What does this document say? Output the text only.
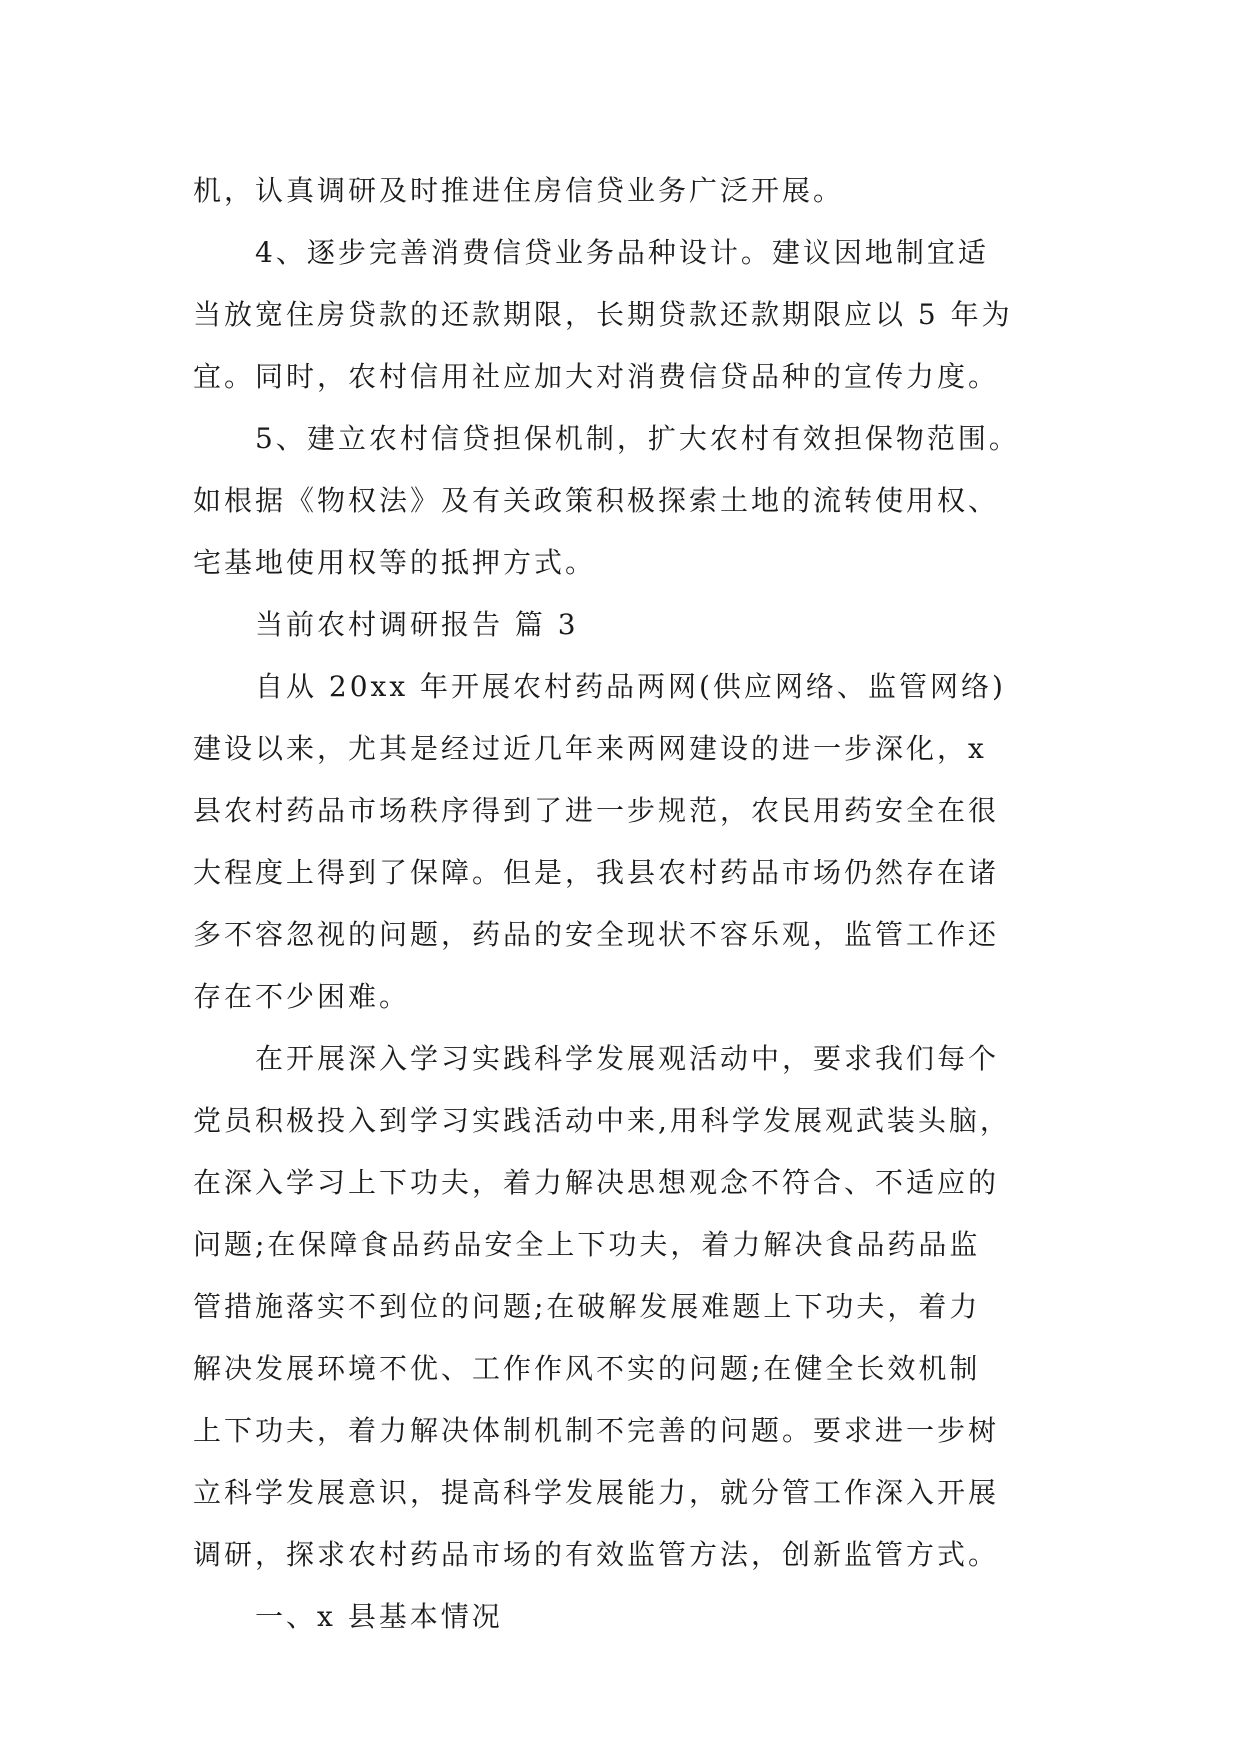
机，认真调研及时推进住房信贷业务广泛开展。
4、逐步完善消费信贷业务品种设计。建议因地制宜适
当放宽住房贷款的还款期限，长期贷款还款期限应以 5 年为
宜。同时，农村信用社应加大对消费信贷品种的宣传力度。
5、建立农村信贷担保机制，扩大农村有效担保物范围。
如根据《物权法》及有关政策积极探索土地的流转使用权、
宅基地使用权等的抵押方式。
当前农村调研报告 篇 3
自从 20xx 年开展农村药品两网(供应网络、监管网络)
建设以来，尤其是经过近几年来两网建设的进一步深化，x
县农村药品市场秩序得到了进一步规范，农民用药安全在很
大程度上得到了保障。但是，我县农村药品市场仍然存在诸
多不容忽视的问题，药品的安全现状不容乐观，监管工作还
存在不少困难。
在开展深入学习实践科学发展观活动中，要求我们每个
党员积极投入到学习实践活动中来,用科学发展观武装头脑，
在深入学习上下功夫，着力解决思想观念不符合、不适应的
问题;在保障食品药品安全上下功夫，着力解决食品药品监
管措施落实不到位的问题;在破解发展难题上下功夫，着力
解决发展环境不优、工作作风不实的问题;在健全长效机制
上下功夫，着力解决体制机制不完善的问题。要求进一步树
立科学发展意识，提高科学发展能力，就分管工作深入开展
调研，探求农村药品市场的有效监管方法，创新监管方式。
一、x 县基本情况
